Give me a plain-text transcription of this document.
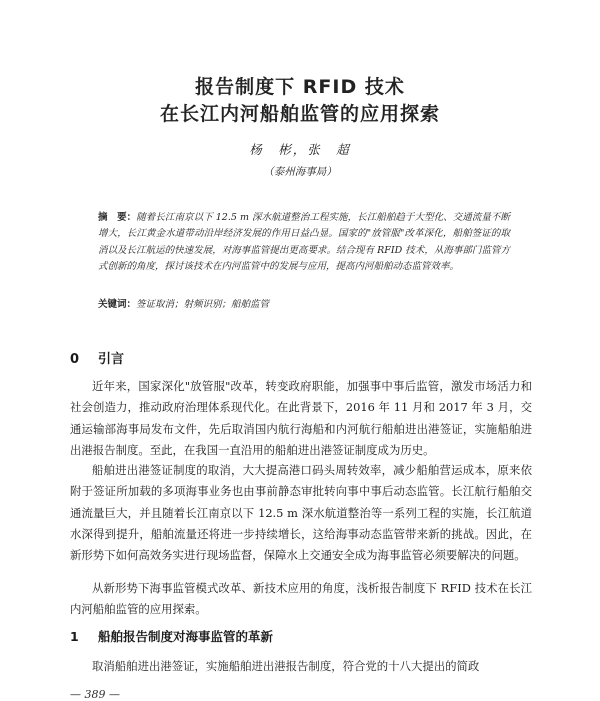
报告制度下 RFID 技术
在长江内河船舶监管的应用探索
杨　彬，张　超
（泰州海事局）
摘　要：随着长江南京以下 12.5 m 深水航道整治工程实施，长江船舶趋于大型化、交通流量不断增大，长江黄金水道带动沿岸经济发展的作用日益凸显。国家的"放管服"改革深化，船舶签证的取消以及长江航运的快速发展，对海事监管提出更高要求。结合现有 RFID 技术，从海事部门监管方式创新的角度，探讨该技术在内河监管中的发展与应用，提高内河船舶动态监管效率。
关键词：签证取消；射频识别；船舶监管
0 引言
近年来，国家深化"放管服"改革，转变政府职能，加强事中事后监管，激发市场活力和社会创造力，推动政府治理体系现代化。在此背景下，2016 年 11 月和 2017 年 3 月，交通运输部海事局发布文件，先后取消国内航行海船和内河航行船舶进出港签证，实施船舶进出港报告制度。至此，在我国一直沿用的船舶进出港签证制度成为历史。
船舶进出港签证制度的取消，大大提高港口码头周转效率，减少船舶营运成本，原来依附于签证所加载的多项海事业务也由事前静态审批转向事中事后动态监管。长江航行船舶交通流量巨大，并且随着长江南京以下 12.5 m 深水航道整治等一系列工程的实施，长江航道水深得到提升，船舶流量还将进一步持续增长，这给海事动态监管带来新的挑战。因此，在新形势下如何高效务实进行现场监督，保障水上交通安全成为海事监管必须要解决的问题。
从新形势下海事监管模式改革、新技术应用的角度，浅析报告制度下 RFID 技术在长江内河船舶监管的应用探索。
1 船舶报告制度对海事监管的革新
取消船舶进出港签证，实施船舶进出港报告制度，符合党的十八大提出的简政
— 389 —
